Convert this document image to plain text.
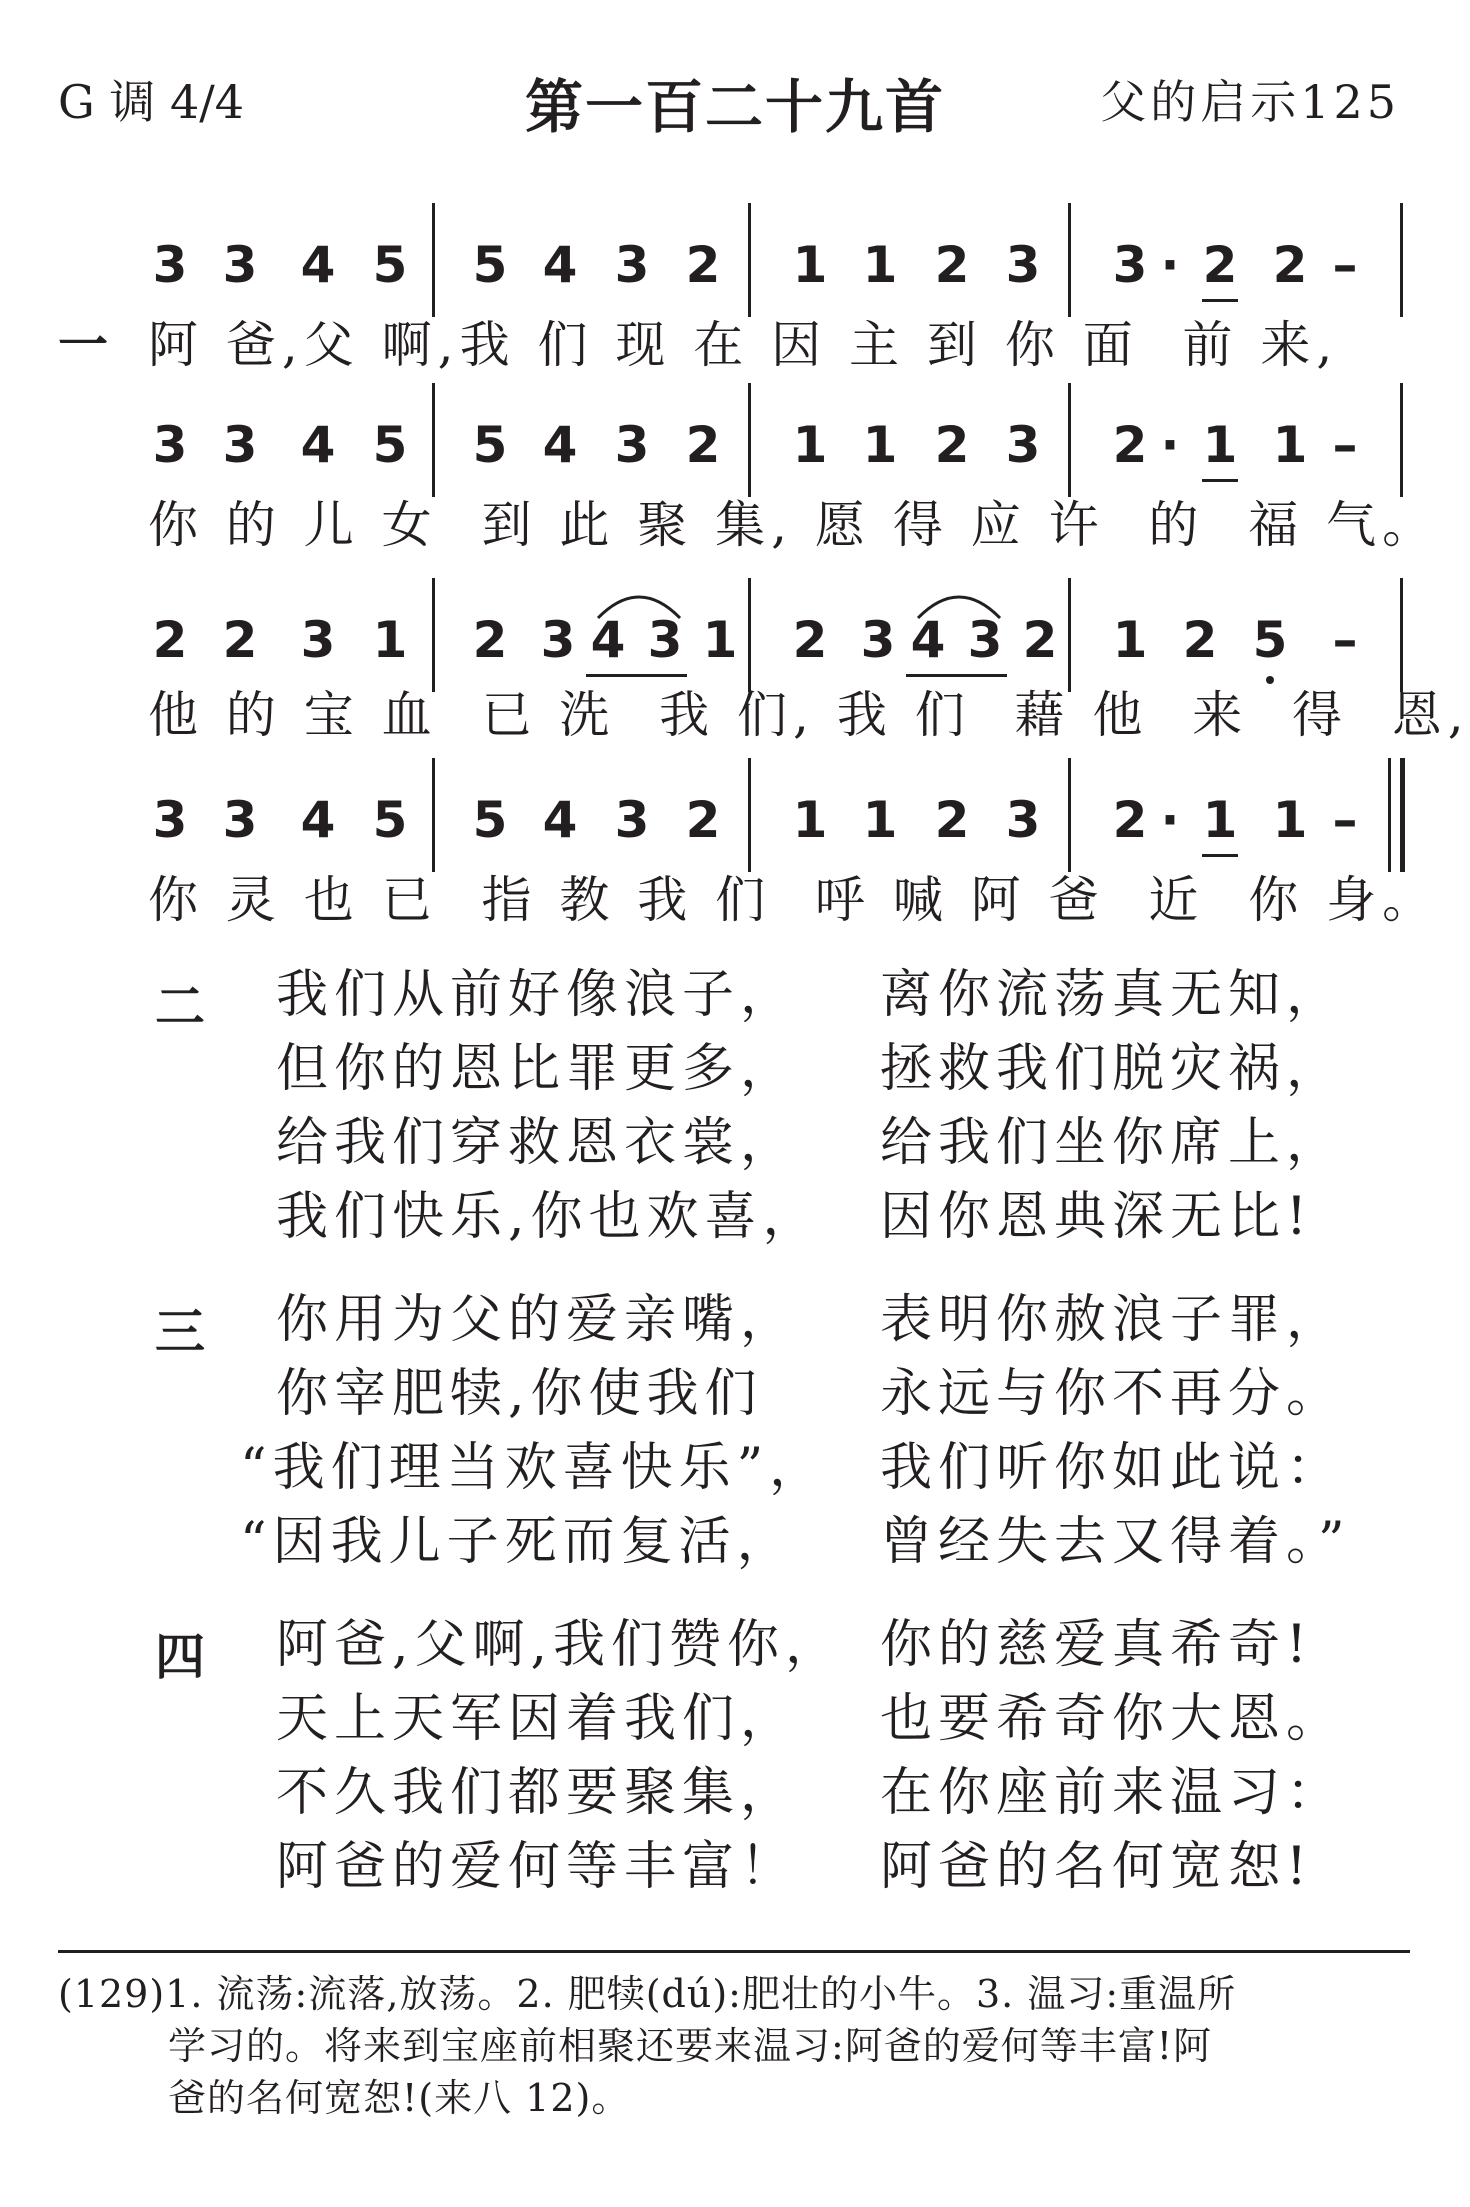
G 调 4/4	第一百二十九首	父的启示125
3 3 4 5 5 4 3 2 1 1 2 3 3 · 2 2 –
阿 爸,父 啊,我 们 现 在 因 主 到 你 面  前 来,
3 3 4 5 5 4 3 2 1 1 2 3 2 · 1 1 –
你 的 儿 女  到 此 聚 集, 愿 得 应 许  的  福 气。
2 2 3 1 2 3 4 3 1 2 3 4 3 2 1 2 5 –
他 的 宝 血  已 洗  我 们, 我 们  藉 他  来  得  恩,
3 3 4 5 5 4 3 2 1 1 2 3 2 · 1 1 –
你 灵 也 已  指 教 我 们  呼 喊 阿 爸  近  你 身。
一
二 我们从前好像浪子， 离你流荡真无知，
但你的恩比罪更多， 拯救我们脱灾祸，
给我们穿救恩衣裳， 给我们坐你席上，
我们快乐,你也欢喜， 因你恩典深无比!
三 你用为父的爱亲嘴， 表明你赦浪子罪，
你宰肥犊,你使我们 永远与你不再分。
“我们理当欢喜快乐”， 我们听你如此说：
“因我儿子死而复活， 曾经失去又得着。”
四 阿爸,父啊,我们赞你， 你的慈爱真希奇!
天上天军因着我们， 也要希奇你大恩。
不久我们都要聚集， 在你座前来温习：
阿爸的爱何等丰富！ 阿爸的名何宽恕!
(129)1. 流荡:流落,放荡。2. 肥犊(dú):肥壮的小牛。3. 温习:重温所
学习的。将来到宝座前相聚还要来温习:阿爸的爱何等丰富!阿
爸的名何宽恕!(来八 12)。
